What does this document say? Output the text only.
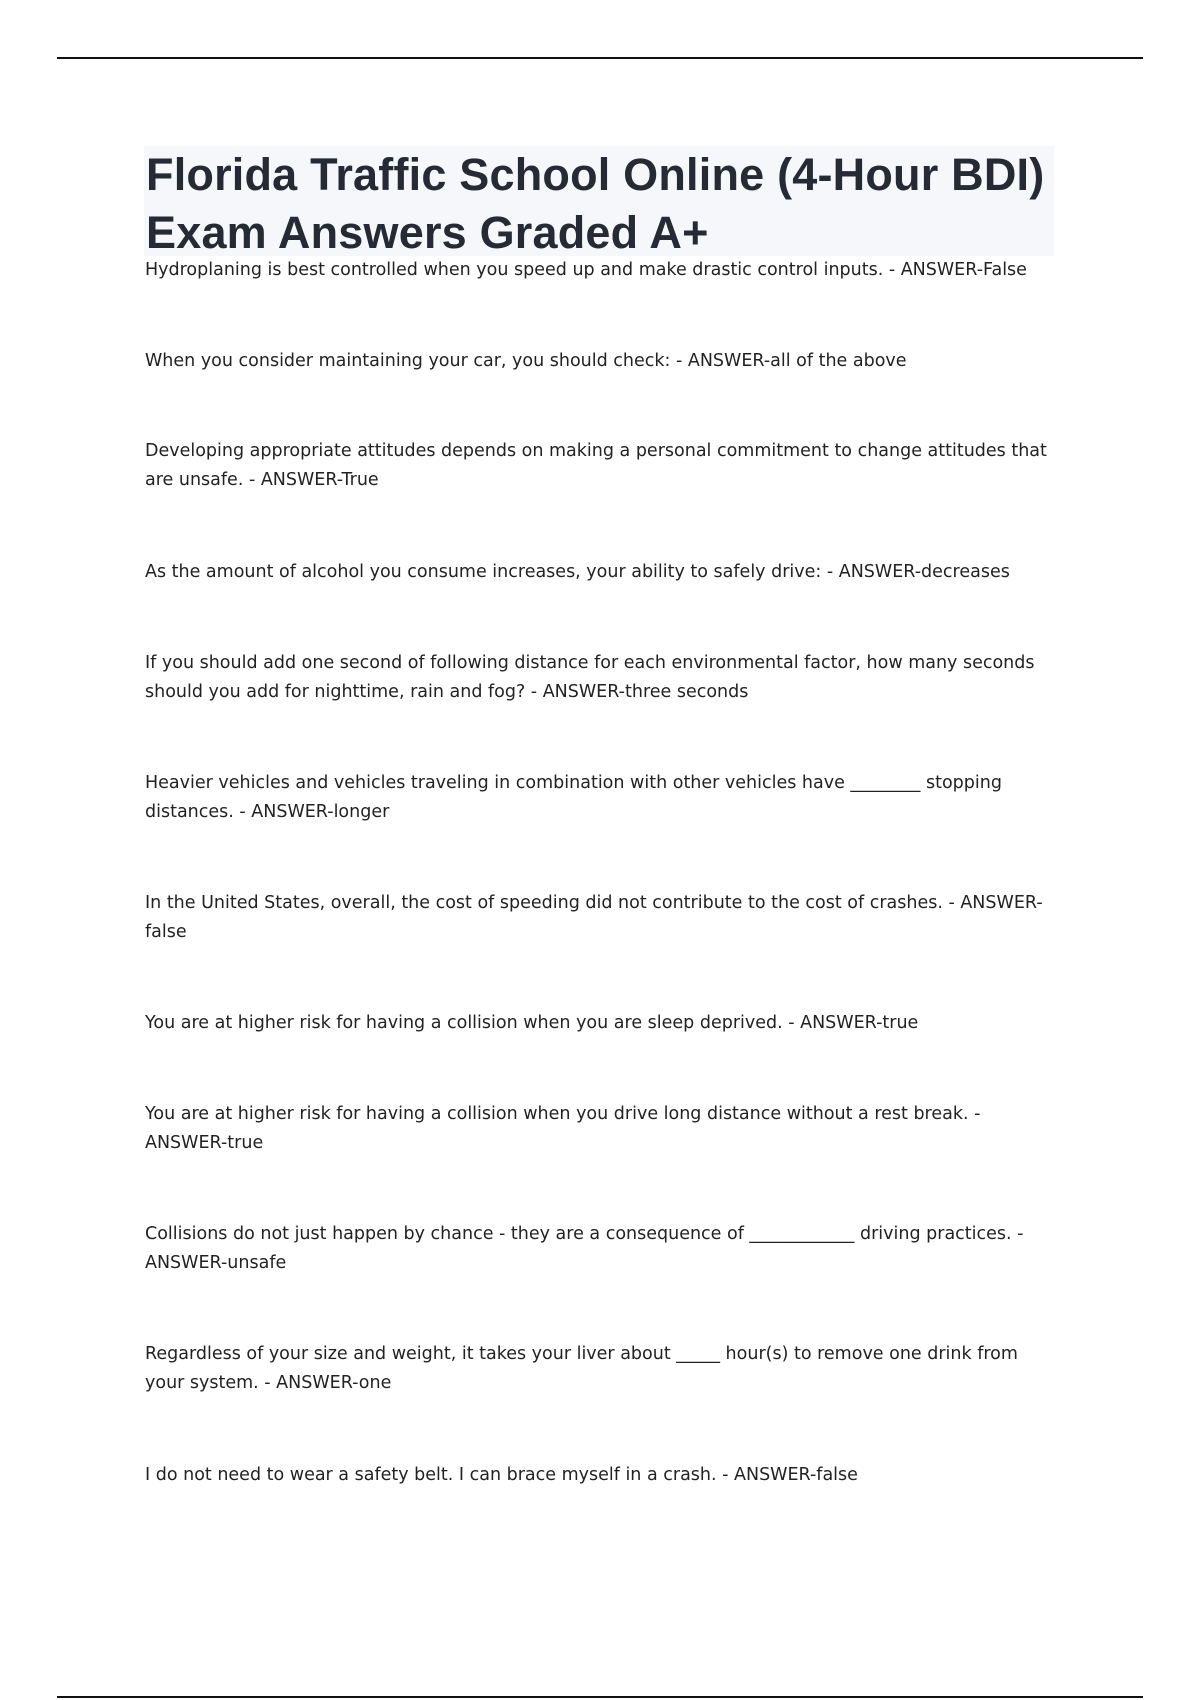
Florida Traffic School Online (4-Hour BDI) Exam Answers Graded A+

Hydroplaning is best controlled when you speed up and make drastic control inputs. - ANSWER-False

When you consider maintaining your car, you should check: - ANSWER-all of the above

Developing appropriate attitudes depends on making a personal commitment to change attitudes that are unsafe. - ANSWER-True

As the amount of alcohol you consume increases, your ability to safely drive: - ANSWER-decreases

If you should add one second of following distance for each environmental factor, how many seconds should you add for nighttime, rain and fog? - ANSWER-three seconds

Heavier vehicles and vehicles traveling in combination with other vehicles have ________ stopping distances. - ANSWER-longer

In the United States, overall, the cost of speeding did not contribute to the cost of crashes. - ANSWER-false

You are at higher risk for having a collision when you are sleep deprived. - ANSWER-true

You are at higher risk for having a collision when you drive long distance without a rest break. - ANSWER-true

Collisions do not just happen by chance - they are a consequence of ____________ driving practices. - ANSWER-unsafe

Regardless of your size and weight, it takes your liver about _____ hour(s) to remove one drink from your system. - ANSWER-one

I do not need to wear a safety belt. I can brace myself in a crash. - ANSWER-false
